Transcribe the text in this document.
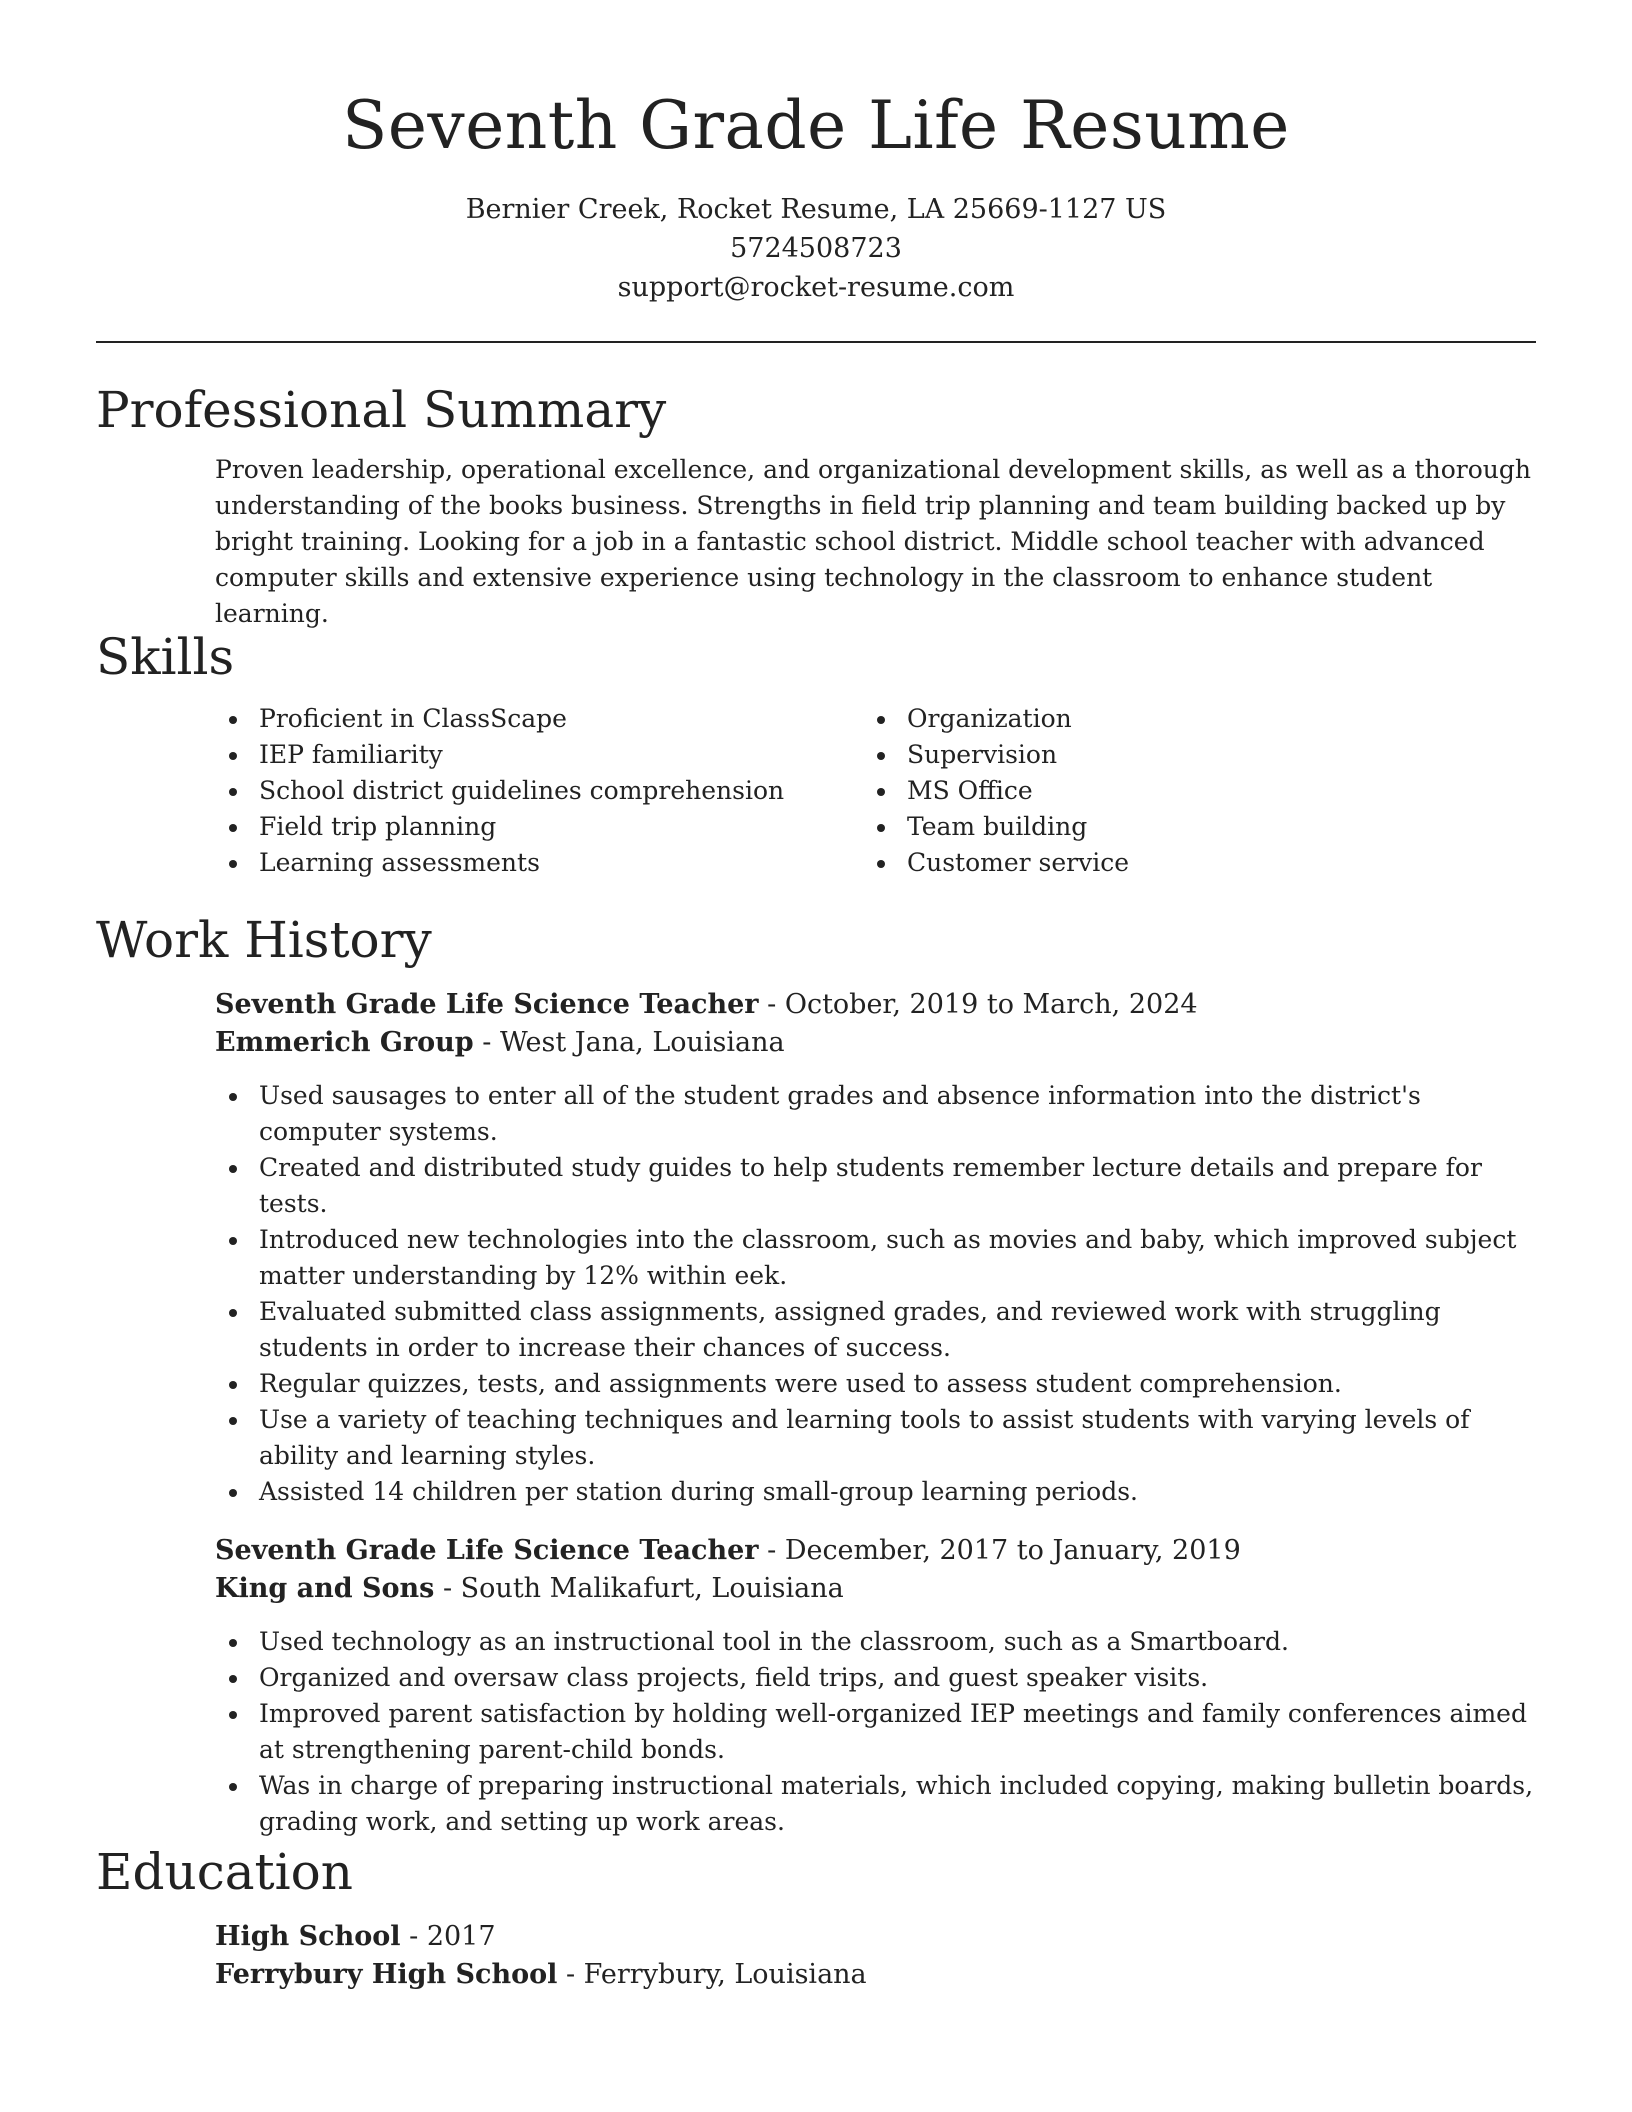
Seventh Grade Life Resume
Bernier Creek, Rocket Resume, LA 25669-1127 US
5724508723
support@rocket-resume.com
Professional Summary
Proven leadership, operational excellence, and organizational development skills, as well as a thorough understanding of the books business. Strengths in field trip planning and team building backed up by bright training. Looking for a job in a fantastic school district. Middle school teacher with advanced computer skills and extensive experience using technology in the classroom to enhance student learning.
Skills
Proficient in ClassScape
IEP familiarity
School district guidelines comprehension
Field trip planning
Learning assessments
Organization
Supervision
MS Office
Team building
Customer service
Work History
Seventh Grade Life Science Teacher - October, 2019 to March, 2024
Emmerich Group - West Jana, Louisiana
Used sausages to enter all of the student grades and absence information into the district's computer systems.
Created and distributed study guides to help students remember lecture details and prepare for tests.
Introduced new technologies into the classroom, such as movies and baby, which improved subject matter understanding by 12% within eek.
Evaluated submitted class assignments, assigned grades, and reviewed work with struggling students in order to increase their chances of success.
Regular quizzes, tests, and assignments were used to assess student comprehension.
Use a variety of teaching techniques and learning tools to assist students with varying levels of ability and learning styles.
Assisted 14 children per station during small-group learning periods.
Seventh Grade Life Science Teacher - December, 2017 to January, 2019
King and Sons - South Malikafurt, Louisiana
Used technology as an instructional tool in the classroom, such as a Smartboard.
Organized and oversaw class projects, field trips, and guest speaker visits.
Improved parent satisfaction by holding well-organized IEP meetings and family conferences aimed at strengthening parent-child bonds.
Was in charge of preparing instructional materials, which included copying, making bulletin boards, grading work, and setting up work areas.
Education
High School - 2017
Ferrybury High School - Ferrybury, Louisiana
